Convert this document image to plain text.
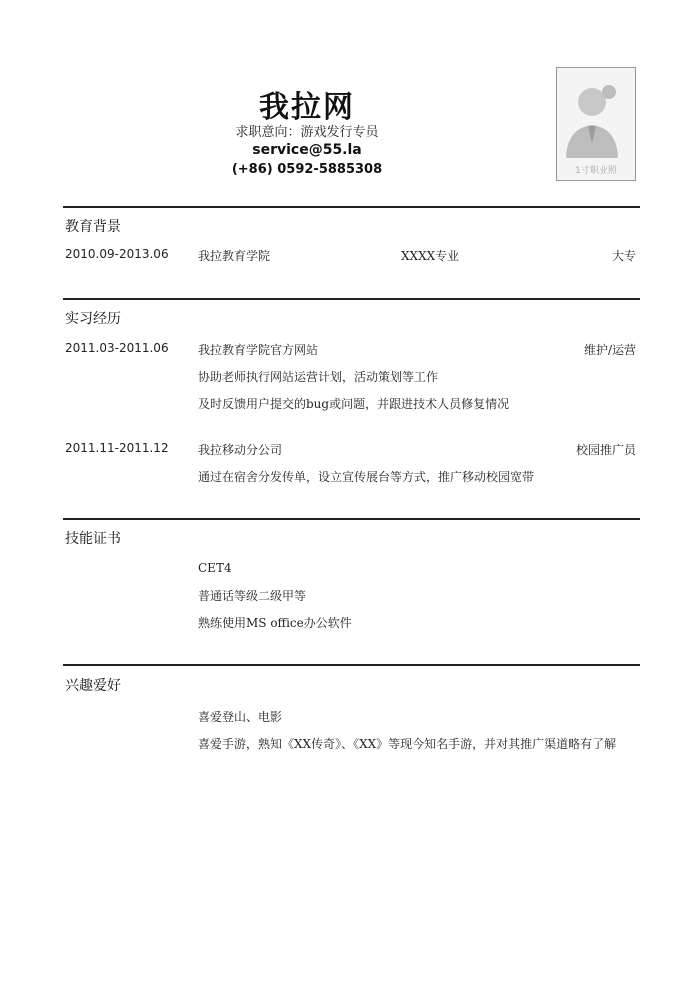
我拉网
求职意向：游戏发行专员
service@55.la
(+86) 0592-5885308	1寸职业照
教育背景
2010.09-2013.06 我拉教育学院	XXXX专业	大专
实习经历
2011.03-2011.06 我拉教育学院官方网站	维护/运营
协助老师执行网站运营计划，活动策划等工作
及时反馈用户提交的bug或问题，并跟进技术人员修复情况
2011.11-2011.12 我拉移动分公司	校园推广员
通过在宿舍分发传单，设立宣传展台等方式，推广移动校园宽带
技能证书
CET4
普通话等级二级甲等
熟练使用MS office办公软件
兴趣爱好
喜爱登山、电影
喜爱手游，熟知《XX传奇》、《XX》等现今知名手游，并对其推广渠道略有了解
